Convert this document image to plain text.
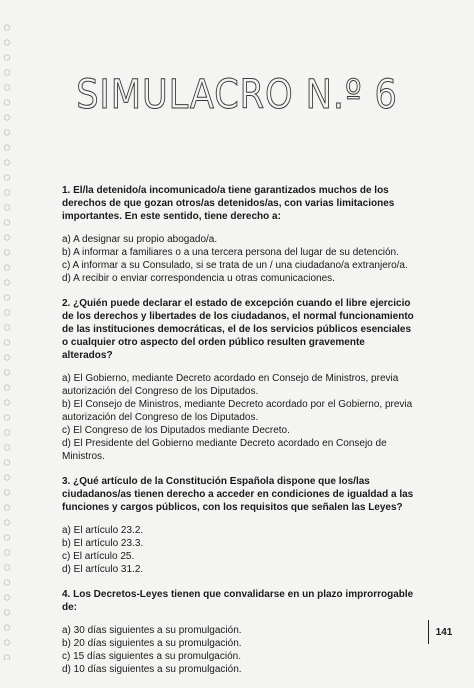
SIMULACRO N.º 6

1. El/la detenido/a incomunicado/a tiene garantizados muchos de los derechos de que gozan otros/as detenidos/as, con varias limitaciones importantes. En este sentido, tiene derecho a:

a) A designar su propio abogado/a.
b) A informar a familiares o a una tercera persona del lugar de su detención.
c) A informar a su Consulado, si se trata de un / una ciudadano/a extranjero/a.
d) A recibir o enviar correspondencia u otras comunicaciones.

2. ¿Quién puede declarar el estado de excepción cuando el libre ejercicio de los derechos y libertades de los ciudadanos, el normal funcionamiento de las instituciones democráticas, el de los servicios públicos esenciales o cualquier otro aspecto del orden público resulten gravemente alterados?

a) El Gobierno, mediante Decreto acordado en Consejo de Ministros, previa autorización del Congreso de los Diputados.
b) El Consejo de Ministros, mediante Decreto acordado por el Gobierno, previa autorización del Congreso de los Diputados.
c) El Congreso de los Diputados mediante Decreto.
d) El Presidente del Gobierno mediante Decreto acordado en Consejo de Ministros.

3. ¿Qué artículo de la Constitución Española dispone que los/las ciudadanos/as tienen derecho a acceder en condiciones de igualdad a las funciones y cargos públicos, con los requisitos que señalen las Leyes?

a) El artículo 23.2.
b) El artículo 23.3.
c) El artículo 25.
d) El artículo 31.2.

4. Los Decretos-Leyes tienen que convalidarse en un plazo improrrogable de:

a) 30 días siguientes a su promulgación.
b) 20 días siguientes a su promulgación.
c) 15 días siguientes a su promulgación.
d) 10 días siguientes a su promulgación.
141
